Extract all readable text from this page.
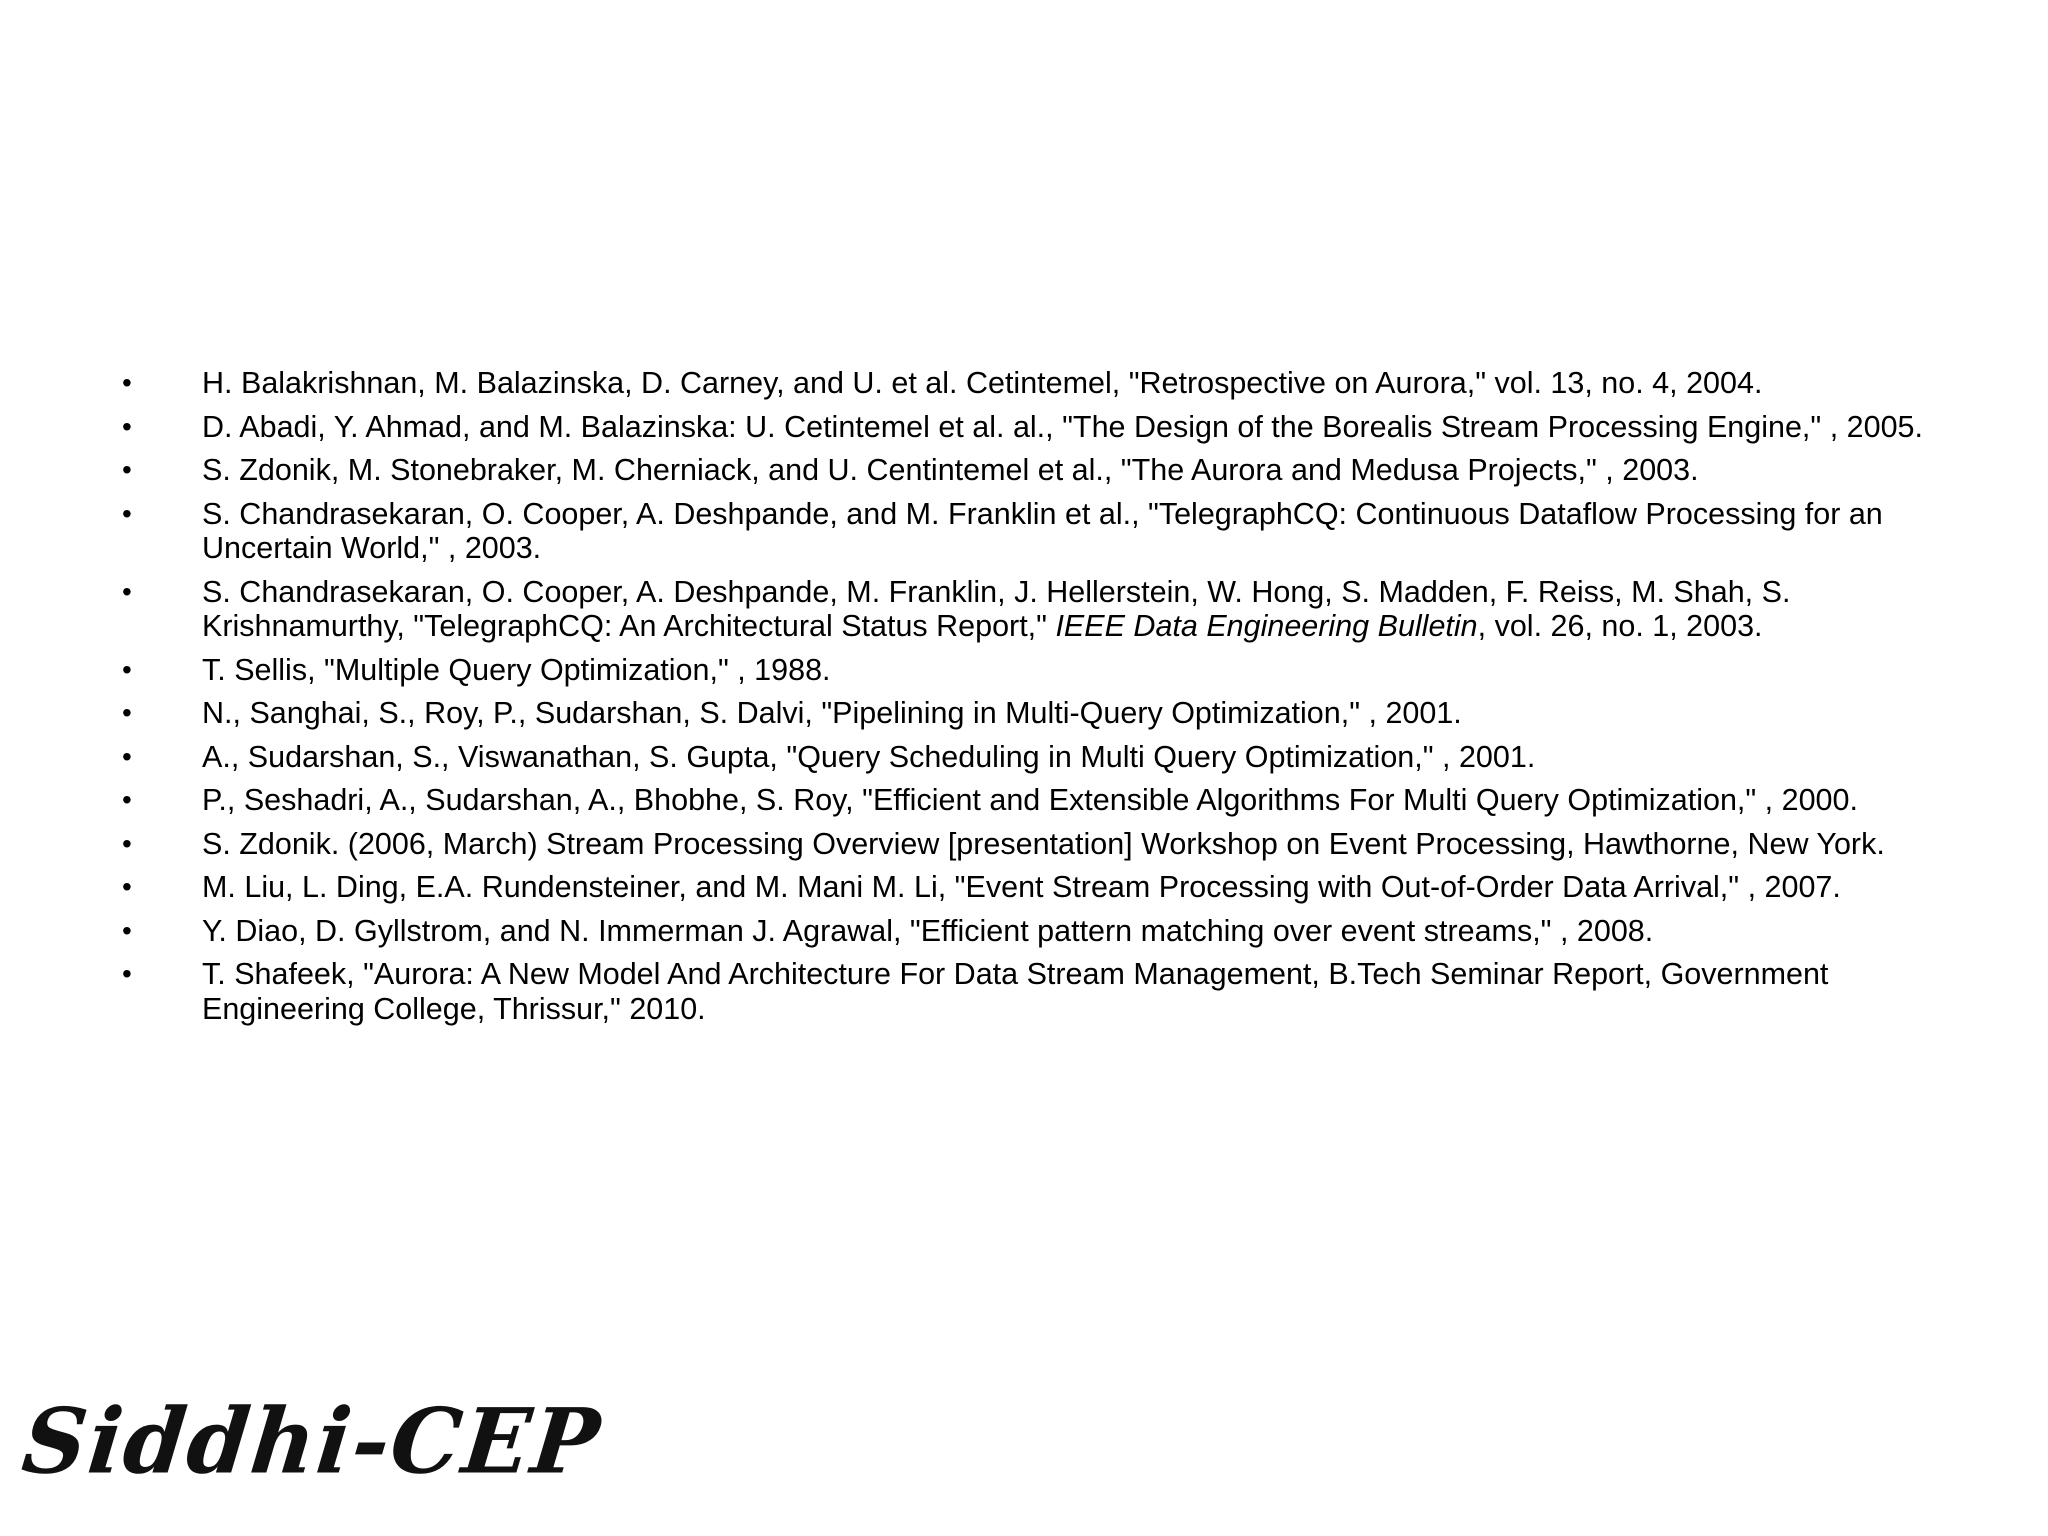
•	H. Balakrishnan, M. Balazinska, D. Carney, and U. et al. Cetintemel, "Retrospective on Aurora," vol. 13, no. 4, 2004.
•	D. Abadi, Y. Ahmad, and M. Balazinska: U. Cetintemel et al. al., "The Design of the Borealis Stream Processing Engine," , 2005.
•	S. Zdonik, M. Stonebraker, M. Cherniack, and U. Centintemel et al., "The Aurora and Medusa Projects," , 2003.
•	S. Chandrasekaran, O. Cooper, A. Deshpande, and M. Franklin et al., "TelegraphCQ: Continuous Dataflow Processing for an Uncertain World," , 2003.
•	S. Chandrasekaran, O. Cooper, A. Deshpande, M. Franklin, J. Hellerstein, W. Hong, S. Madden, F. Reiss, M. Shah, S. Krishnamurthy, "TelegraphCQ: An Architectural Status Report," IEEE Data Engineering Bulletin, vol. 26, no. 1, 2003.
•	T. Sellis, "Multiple Query Optimization," , 1988.
•	N., Sanghai, S., Roy, P., Sudarshan, S. Dalvi, "Pipelining in Multi-Query Optimization," , 2001.
•	A., Sudarshan, S., Viswanathan, S. Gupta, "Query Scheduling in Multi Query Optimization," , 2001.
•	P., Seshadri, A., Sudarshan, A., Bhobhe, S. Roy, "Efficient and Extensible Algorithms For Multi Query Optimization," , 2000.
•	S. Zdonik. (2006, March) Stream Processing Overview [presentation] Workshop on Event Processing, Hawthorne, New York.
•	M. Liu, L. Ding, E.A. Rundensteiner, and M. Mani M. Li, "Event Stream Processing with Out-of-Order Data Arrival," , 2007.
•	Y. Diao, D. Gyllstrom, and N. Immerman J. Agrawal, "Efficient pattern matching over event streams," , 2008.
•	T. Shafeek, "Aurora: A New Model And Architecture For Data Stream Management, B.Tech Seminar Report, Government Engineering College, Thrissur," 2010.
Siddhi-CEP
